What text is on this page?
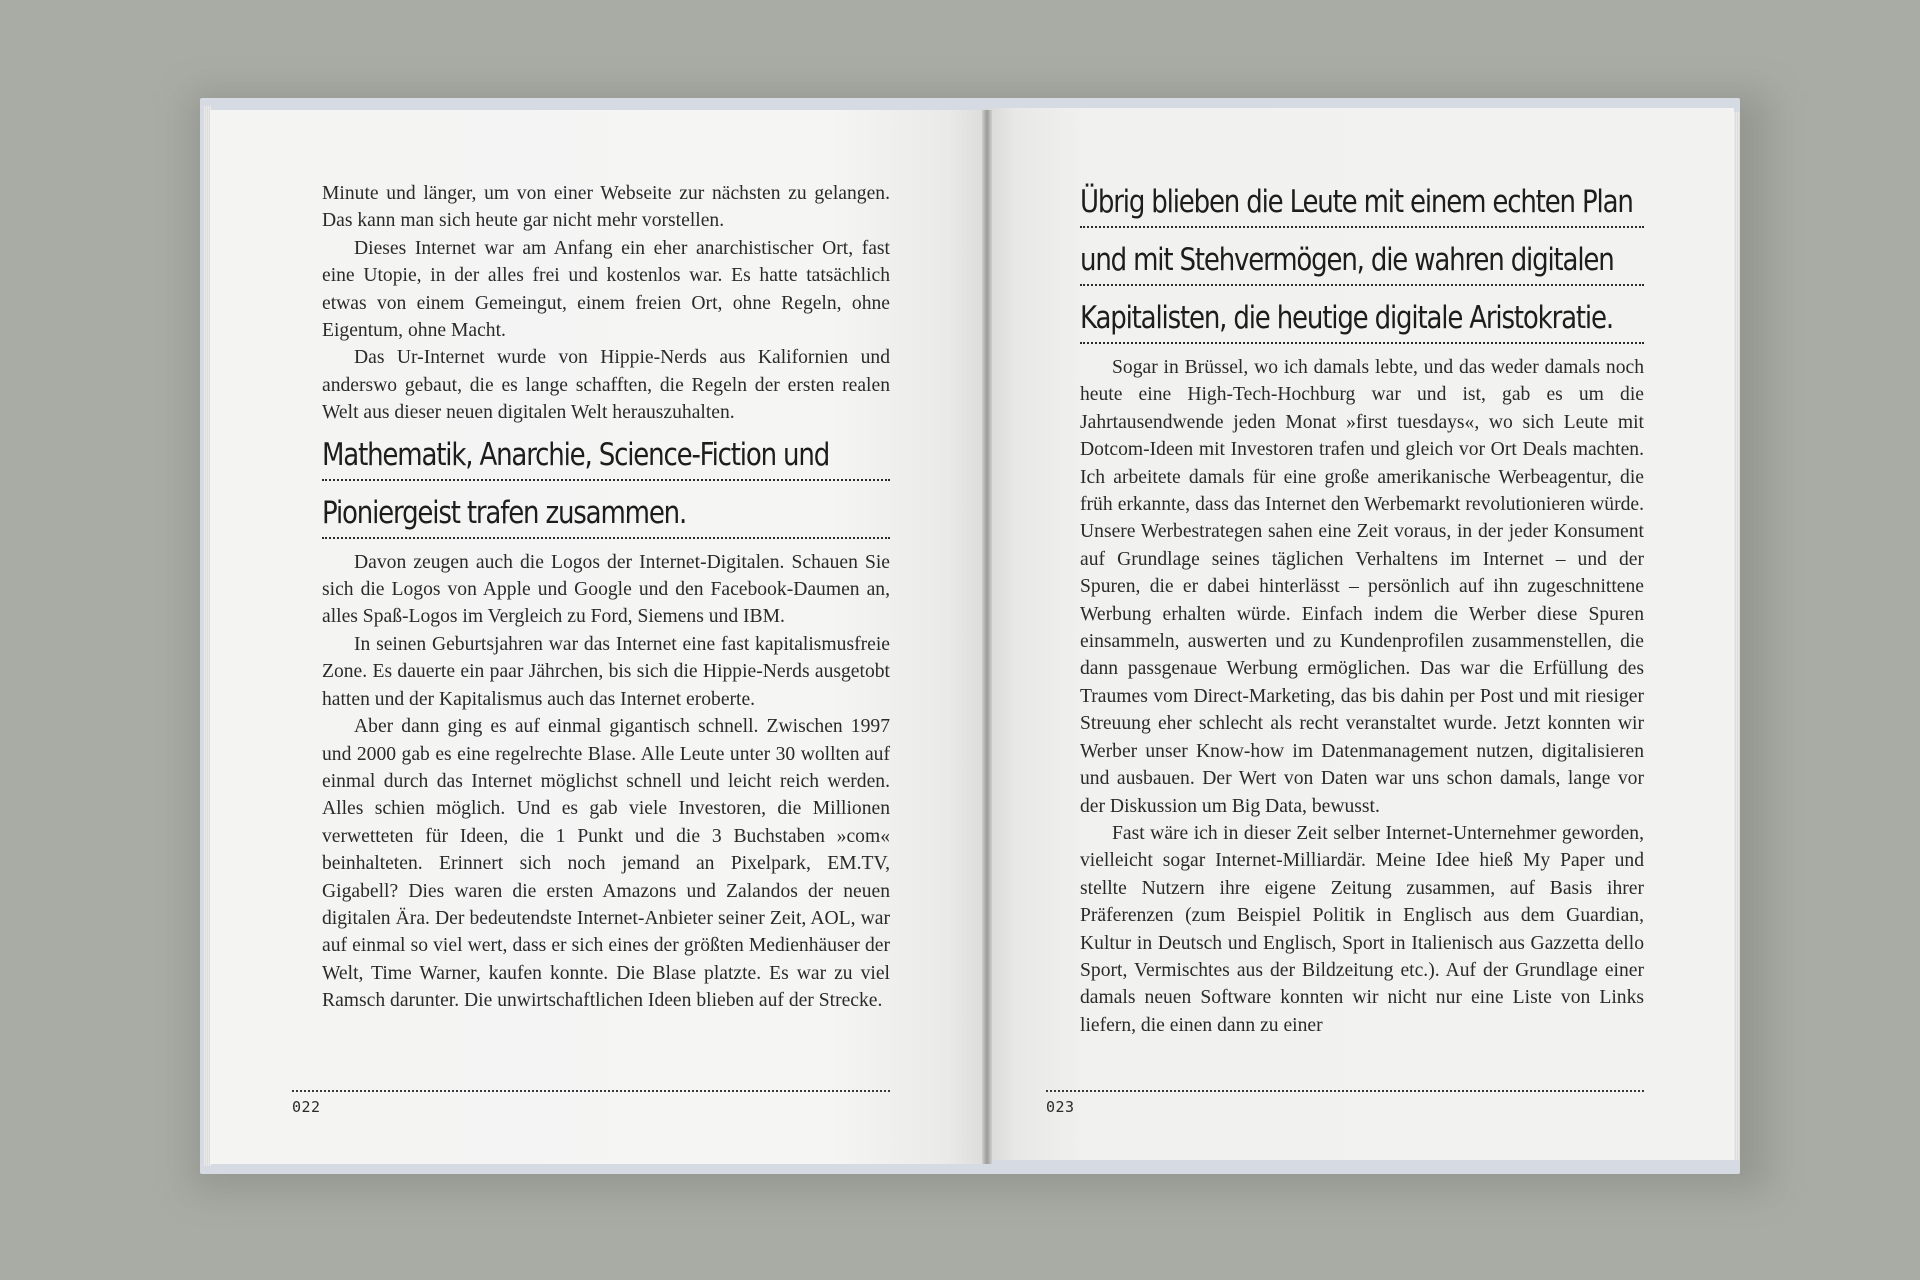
Minute und länger, um von einer Webseite zur nächsten zu gelangen. Das kann man sich heute gar nicht mehr vorstellen.

Dieses Internet war am Anfang ein eher anarchistischer Ort, fast eine Utopie, in der alles frei und kostenlos war. Es hatte tatsächlich etwas von einem Gemeingut, einem freien Ort, ohne Regeln, ohne Eigentum, ohne Macht.

Das Ur-Internet wurde von Hippie-Nerds aus Kalifornien und anderswo gebaut, die es lange schafften, die Regeln der ersten realen Welt aus dieser neuen digitalen Welt herauszuhalten.

Mathematik, Anarchie, Science-Fiction und
Pioniergeist trafen zusammen.

Davon zeugen auch die Logos der Internet-Digitalen. Schauen Sie sich die Logos von Apple und Google und den Facebook-Daumen an, alles Spaß-Logos im Vergleich zu Ford, Siemens und IBM.

In seinen Geburtsjahren war das Internet eine fast kapitalismusfreie Zone. Es dauerte ein paar Jährchen, bis sich die Hippie-Nerds ausgetobt hatten und der Kapitalismus auch das Internet eroberte.

Aber dann ging es auf einmal gigantisch schnell. Zwischen 1997 und 2000 gab es eine regelrechte Blase. Alle Leute unter 30 wollten auf einmal durch das Internet möglichst schnell und leicht reich werden. Alles schien möglich. Und es gab viele Investoren, die Millionen verwetteten für Ideen, die 1 Punkt und die 3 Buchstaben »com« beinhalteten. Erinnert sich noch jemand an Pixelpark, EM.TV, Gigabell? Dies waren die ersten Amazons und Zalandos der neuen digitalen Ära. Der bedeutendste Internet-Anbieter seiner Zeit, AOL, war auf einmal so viel wert, dass er sich eines der größten Medienhäuser der Welt, Time Warner, kaufen konnte. Die Blase platzte. Es war zu viel Ramsch darunter. Die unwirtschaftlichen Ideen blieben auf der Strecke.

022
Übrig blieben die Leute mit einem echten Plan
und mit Stehvermögen, die wahren digitalen
Kapitalisten, die heutige digitale Aristokratie.

Sogar in Brüssel, wo ich damals lebte, und das weder damals noch heute eine High-Tech-Hochburg war und ist, gab es um die Jahrtausendwende jeden Monat »first tuesdays«, wo sich Leute mit Dotcom-Ideen mit Investoren trafen und gleich vor Ort Deals machten. Ich arbeitete damals für eine große amerikanische Werbeagentur, die früh erkannte, dass das Internet den Werbemarkt revolutionieren würde. Unsere Werbestrategen sahen eine Zeit voraus, in der jeder Konsument auf Grundlage seines täglichen Verhaltens im Internet – und der Spuren, die er dabei hinterlässt – persönlich auf ihn zugeschnittene Werbung erhalten würde. Einfach indem die Werber diese Spuren einsammeln, auswerten und zu Kundenprofilen zusammenstellen, die dann passgenaue Werbung ermöglichen. Das war die Erfüllung des Traumes vom Direct-Marketing, das bis dahin per Post und mit riesiger Streuung eher schlecht als recht veranstaltet wurde. Jetzt konnten wir Werber unser Know-how im Datenmanagement nutzen, digitalisieren und ausbauen. Der Wert von Daten war uns schon damals, lange vor der Diskussion um Big Data, bewusst.

Fast wäre ich in dieser Zeit selber Internet-Unternehmer geworden, vielleicht sogar Internet-Milliardär. Meine Idee hieß My Paper und stellte Nutzern ihre eigene Zeitung zusammen, auf Basis ihrer Präferenzen (zum Beispiel Politik in Englisch aus dem Guardian, Kultur in Deutsch und Englisch, Sport in Italienisch aus Gazzetta dello Sport, Vermischtes aus der Bildzeitung etc.). Auf der Grundlage einer damals neuen Software konnten wir nicht nur eine Liste von Links liefern, die einen dann zu einer

023
